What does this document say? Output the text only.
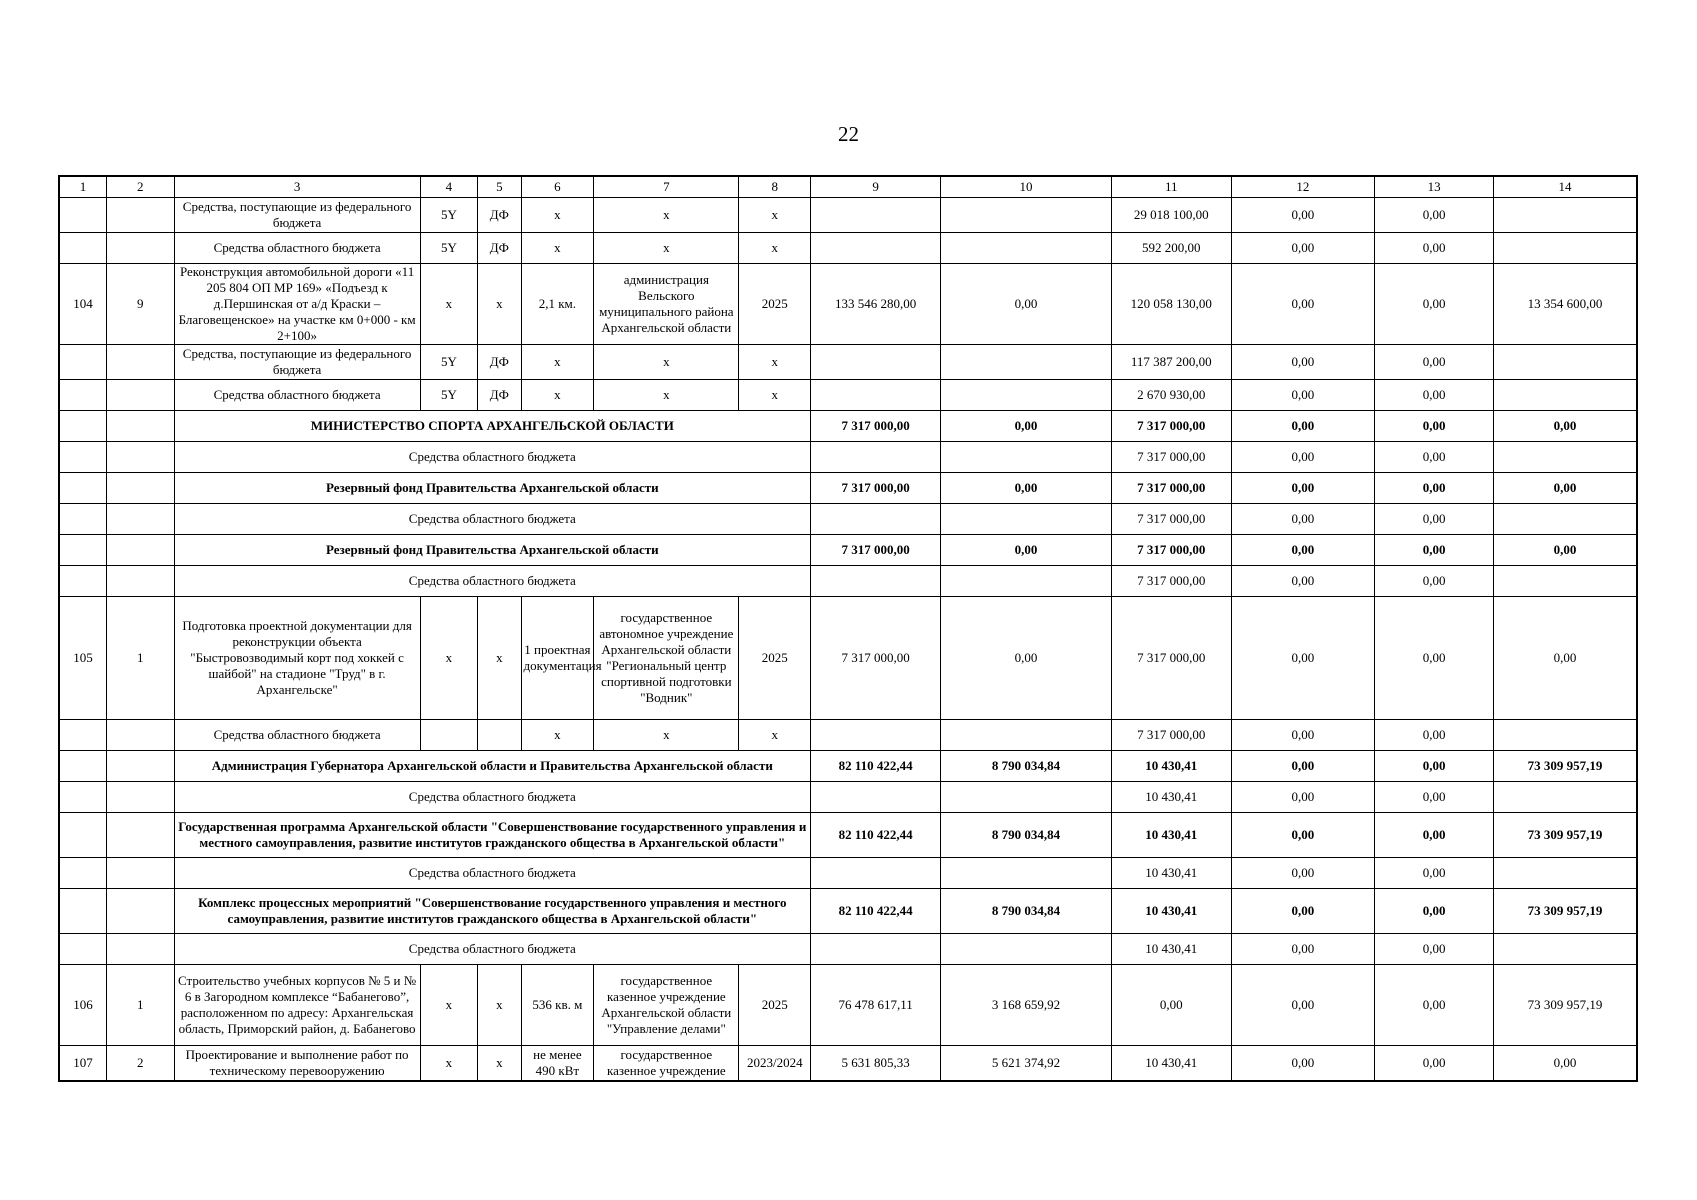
22
1	2	3	4	5	6	7	8	9	10	11	12	13	14
		Средства, поступающие из федерального бюджета	5Y	ДФ	x	x	x			29 018 100,00	0,00	0,00	
		Средства областного бюджета	5Y	ДФ	x	x	x			592 200,00	0,00	0,00	
104	9	Реконструкция автомобильной дороги «11 205 804 ОП МР 169» «Подъезд к д.Першинская от а/д Краски – Благовещенское» на участке км 0+000 - км 2+100»	x	x	2,1 км.	администрация Вельского муниципального района Архангельской области	2025	133 546 280,00	0,00	120 058 130,00	0,00	0,00	13 354 600,00
		Средства, поступающие из федерального бюджета	5Y	ДФ	x	x	x			117 387 200,00	0,00	0,00	
		Средства областного бюджета	5Y	ДФ	x	x	x			2 670 930,00	0,00	0,00	
		МИНИСТЕРСТВО СПОРТА АРХАНГЕЛЬСКОЙ ОБЛАСТИ						7 317 000,00	0,00	7 317 000,00	0,00	0,00	0,00
		Средства областного бюджета								7 317 000,00	0,00	0,00	
		Резервный фонд Правительства Архангельской области						7 317 000,00	0,00	7 317 000,00	0,00	0,00	0,00
		Средства областного бюджета								7 317 000,00	0,00	0,00	
		Резервный фонд Правительства Архангельской области						7 317 000,00	0,00	7 317 000,00	0,00	0,00	0,00
		Средства областного бюджета								7 317 000,00	0,00	0,00	
105	1	Подготовка проектной документации для реконструкции объекта "Быстровозводимый корт под хоккей с шайбой" на стадионе "Труд" в г. Архангельске"	x	x	1 проектная документация	государственное автономное учреждение Архангельской области "Региональный центр спортивной подготовки "Водник"	2025	7 317 000,00	0,00	7 317 000,00	0,00	0,00	0,00
		Средства областного бюджета			x	x	x			7 317 000,00	0,00	0,00	
		Администрация Губернатора Архангельской области и Правительства Архангельской области						82 110 422,44	8 790 034,84	10 430,41	0,00	0,00	73 309 957,19
		Средства областного бюджета								10 430,41	0,00	0,00	
		Государственная программа Архангельской области "Совершенствование государственного управления и местного самоуправления, развитие институтов гражданского общества в Архангельской области"						82 110 422,44	8 790 034,84	10 430,41	0,00	0,00	73 309 957,19
		Средства областного бюджета								10 430,41	0,00	0,00	
		Комплекс процессных мероприятий "Совершенствование государственного управления и местного самоуправления, развитие институтов гражданского общества в Архангельской области"						82 110 422,44	8 790 034,84	10 430,41	0,00	0,00	73 309 957,19
		Средства областного бюджета								10 430,41	0,00	0,00	
106	1	Строительство учебных корпусов № 5 и № 6 в Загородном комплексе “Бабанегово”, расположенном по адресу: Архангельская область, Приморский район, д. Бабанегово	x	x	536 кв. м	государственное казенное учреждение Архангельской области "Управление делами"	2025	76 478 617,11	3 168 659,92	0,00	0,00	0,00	73 309 957,19
107	2	Проектирование и выполнение работ по техническому перевооружению	x	x	не менее 490 кВт	государственное казенное учреждение	2023/2024	5 631 805,33	5 621 374,92	10 430,41	0,00	0,00	0,00
